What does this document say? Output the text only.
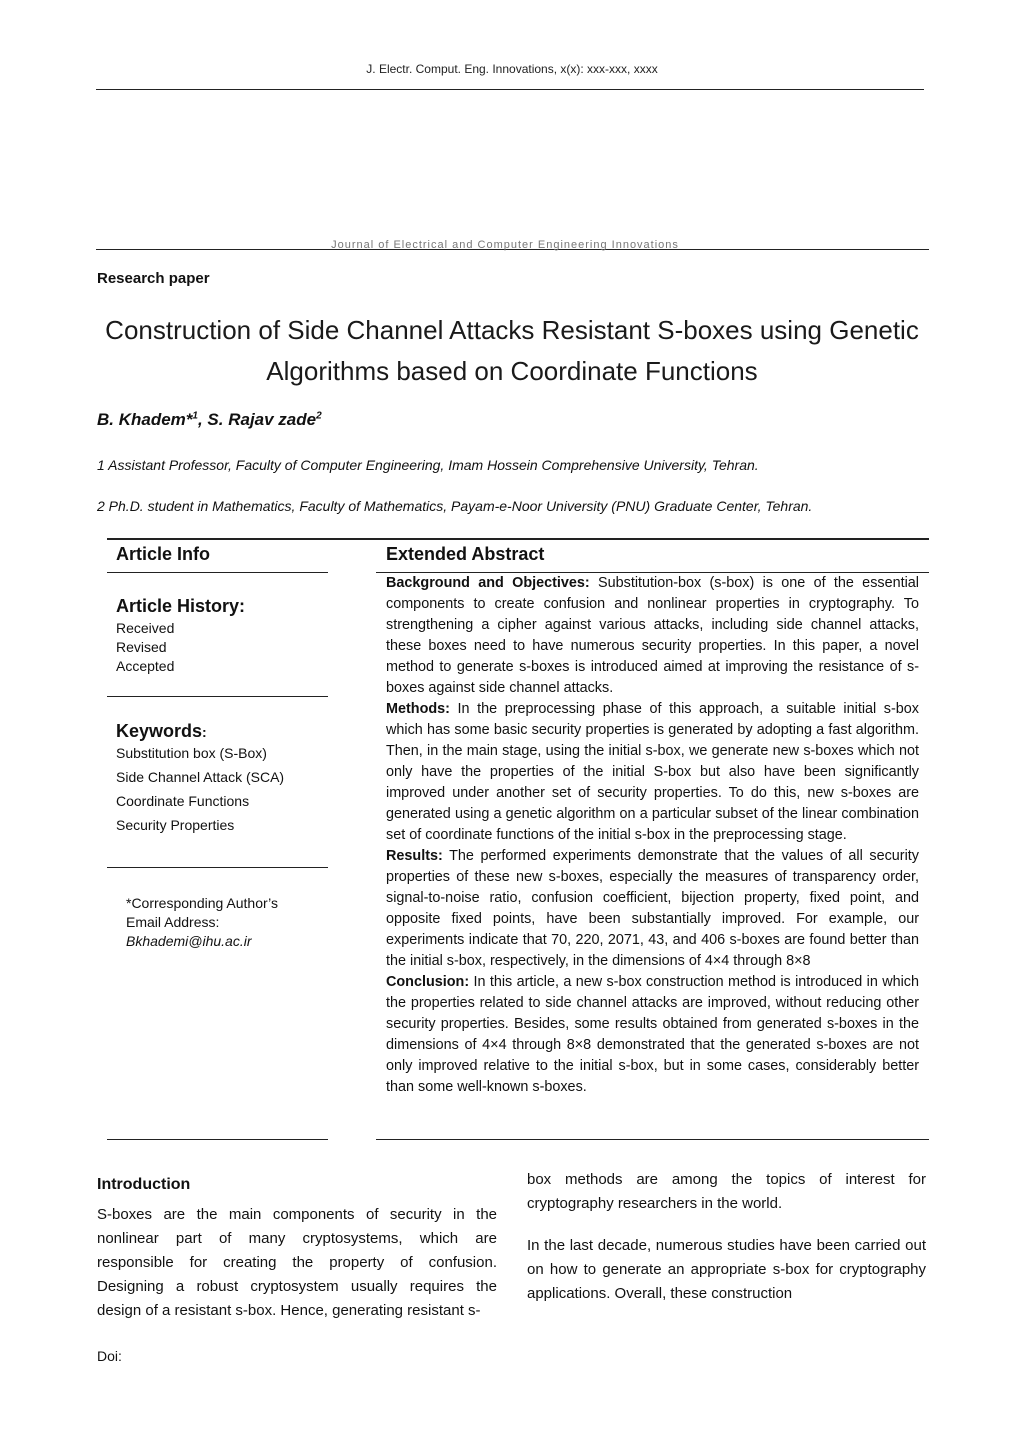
J. Electr. Comput. Eng. Innovations, x(x): xxx-xxx, xxxx
Journal of Electrical and Computer Engineering Innovations
Research paper
Construction of Side Channel Attacks Resistant S-boxes using Genetic
Algorithms based on Coordinate Functions
B. Khadem*$^1$, S. Rajav zade$^2$
1 Assistant Professor, Faculty of Computer Engineering, Imam Hossein Comprehensive University, Tehran.
2 Ph.D. student in Mathematics, Faculty of Mathematics, Payam-e-Noor University (PNU) Graduate Center, Tehran.
Article Info	Extended Abstract
Article History:
Received
Revised
Accepted
Keywords:
Substitution box (S-Box)
Side Channel Attack (SCA)
Coordinate Functions
Security Properties
*Corresponding Author’s
Email Address:
Bkhademi@ihu.ac.ir

Background and Objectives: Substitution-box (s-box) is one of the essential components to create confusion and nonlinear properties in cryptography. To strengthening a cipher against various attacks, including side channel attacks, these boxes need to have numerous security properties. In this paper, a novel method to generate s-boxes is introduced aimed at improving the resistance of s-boxes against side channel attacks.

Methods: In the preprocessing phase of this approach, a suitable initial s-box which has some basic security properties is generated by adopting a fast algorithm. Then, in the main stage, using the initial s-box, we generate new s-boxes which not only have the properties of the initial S-box but also have been significantly improved under another set of security properties. To do this, new s-boxes are generated using a genetic algorithm on a particular subset of the linear combination set of coordinate functions of the initial s-box in the preprocessing stage.

Results: The performed experiments demonstrate that the values of all security properties of these new s-boxes, especially the measures of transparency order, signal-to-noise ratio, confusion coefficient, bijection property, fixed point, and opposite fixed points, have been substantially improved. For example, our experiments indicate that 70, 220, 2071, 43, and 406 s-boxes are found better than the initial s-box, respectively, in the dimensions of 4×4 through 8×8

Conclusion: In this article, a new s-box construction method is introduced in which the properties related to side channel attacks are improved, without reducing other security properties. Besides, some results obtained from generated s-boxes in the dimensions of 4×4 through 8×8 demonstrated that the generated s-boxes are not only improved relative to the initial s-box, but in some cases, considerably better than some well-known s-boxes.

Introduction

S-boxes are the main components of security in the nonlinear part of many cryptosystems, which are responsible for creating the property of confusion. Designing a robust cryptosystem usually requires the design of a resistant s-box. Hence, generating resistant s-

box methods are among the topics of interest for cryptography researchers in the world.

In the last decade, numerous studies have been carried out on how to generate an appropriate s-box for cryptography applications. Overall, these construction

Doi:
